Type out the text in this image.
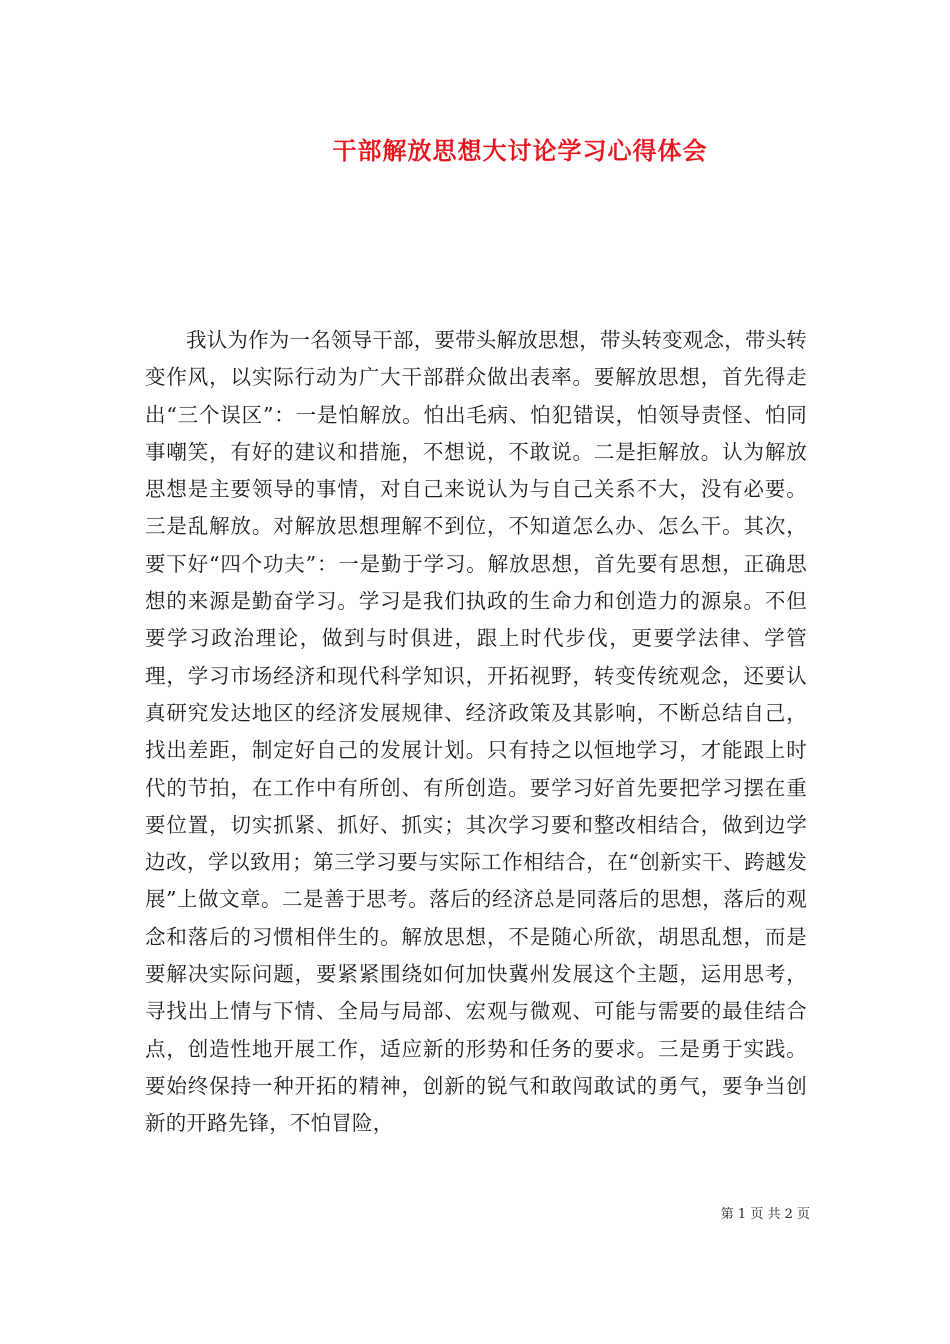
干部解放思想大讨论学习心得体会

我认为作为一名领导干部，要带头解放思想，带头转变观念，带头转变作风，以实际行动为广大干部群众做出表率。要解放思想，首先得走出“三个误区”：一是怕解放。怕出毛病、怕犯错误，怕领导责怪、怕同事嘲笑，有好的建议和措施，不想说，不敢说。二是拒解放。认为解放思想是主要领导的事情，对自己来说认为与自己关系不大，没有必要。三是乱解放。对解放思想理解不到位，不知道怎么办、怎么干。其次，要下好“四个功夫”：一是勤于学习。解放思想，首先要有思想，正确思想的来源是勤奋学习。学习是我们执政的生命力和创造力的源泉。不但要学习政治理论，做到与时俱进，跟上时代步伐，更要学法律、学管理，学习市场经济和现代科学知识，开拓视野，转变传统观念，还要认真研究发达地区的经济发展规律、经济政策及其影响，不断总结自己，找出差距，制定好自己的发展计划。只有持之以恒地学习，才能跟上时代的节拍，在工作中有所创、有所创造。要学习好首先要把学习摆在重要位置，切实抓紧、抓好、抓实；其次学习要和整改相结合，做到边学边改，学以致用；第三学习要与实际工作相结合，在“创新实干、跨越发展”上做文章。二是善于思考。落后的经济总是同落后的思想，落后的观念和落后的习惯相伴生的。解放思想，不是随心所欲，胡思乱想，而是要解决实际问题，要紧紧围绕如何加快冀州发展这个主题，运用思考，寻找出上情与下情、全局与局部、宏观与微观、可能与需要的最佳结合点，创造性地开展工作，适应新的形势和任务的要求。三是勇于实践。要始终保持一种开拓的精神，创新的锐气和敢闯敢试的勇气，要争当创新的开路先锋，不怕冒险，

第 1 页 共 2 页
